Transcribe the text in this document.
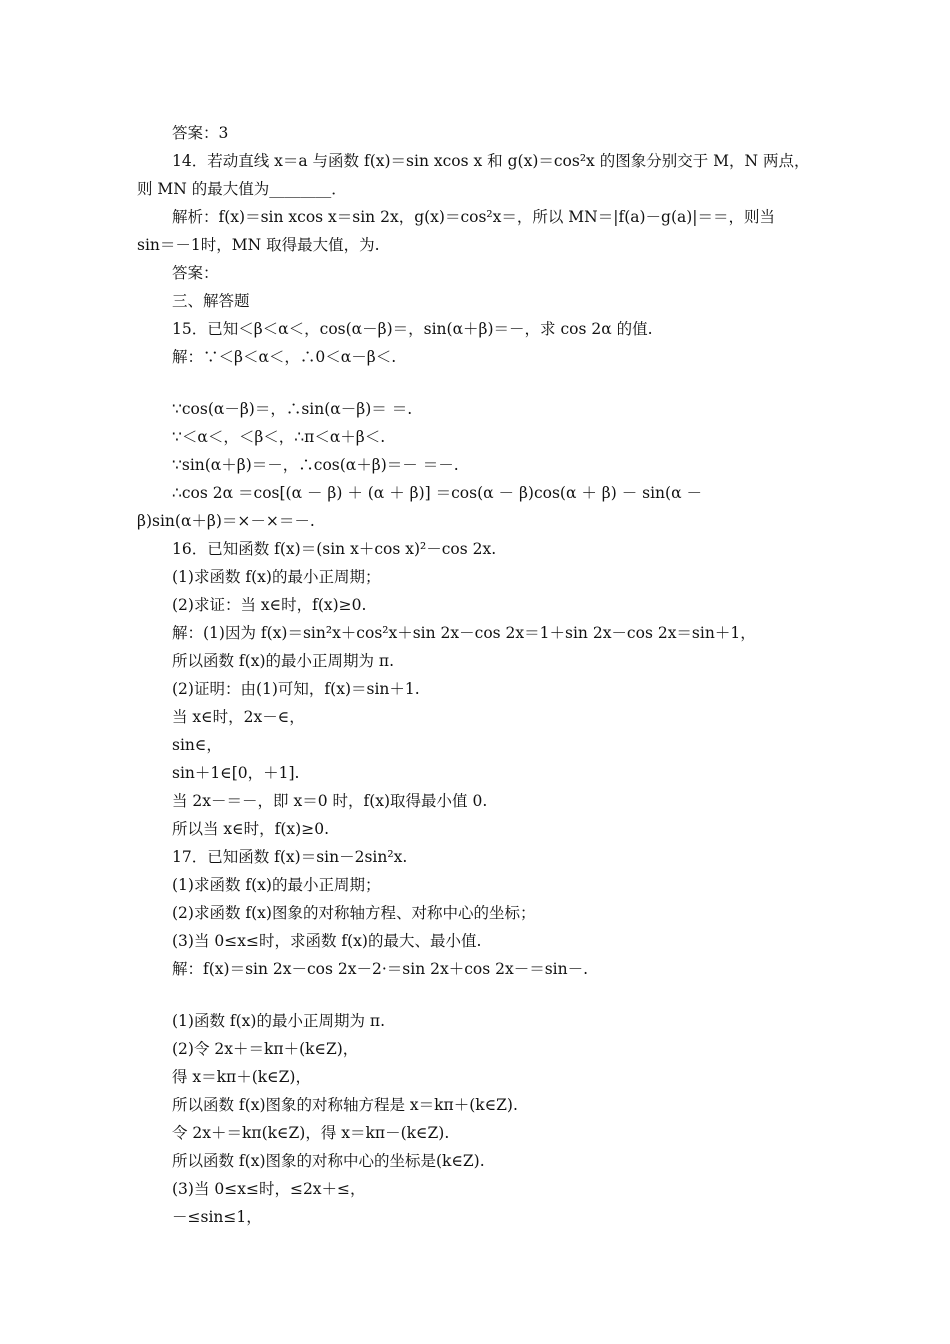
答案：3
14．若动直线 x＝a 与函数 f(x)＝sin xcos x 和 g(x)＝cos²x 的图象分别交于 M，N 两点，
则 MN 的最大值为________．
解析：f(x)＝sin xcos x＝sin 2x，g(x)＝cos²x＝，所以 MN＝|f(a)－g(a)|＝＝，则当
sin＝－1时，MN 取得最大值，为.
答案：
三、解答题
15．已知＜β＜α＜，cos(α－β)＝，sin(α＋β)＝－，求 cos 2α 的值.
解：∵＜β＜α＜，∴0＜α－β＜.
∵cos(α－β)＝，∴sin(α－β)＝ ＝.
∵＜α＜，＜β＜，∴π＜α＋β＜.
∵sin(α＋β)＝－，∴cos(α＋β)＝－ ＝－.
∴cos 2α ＝cos[(α － β) ＋ (α ＋ β)] ＝cos(α － β)cos(α ＋ β) － sin(α －
β)sin(α＋β)＝×－×＝－.
16．已知函数 f(x)＝(sin x＋cos x)²－cos 2x.
(1)求函数 f(x)的最小正周期；
(2)求证：当 x∈时，f(x)≥0.
解：(1)因为 f(x)＝sin²x＋cos²x＋sin 2x－cos 2x＝1＋sin 2x－cos 2x＝sin＋1，
所以函数 f(x)的最小正周期为 π.
(2)证明：由(1)可知，f(x)＝sin＋1.
当 x∈时，2x－∈，
sin∈，
sin＋1∈[0，＋1].
当 2x－＝－，即 x＝0 时，f(x)取得最小值 0.
所以当 x∈时，f(x)≥0.
17．已知函数 f(x)＝sin－2sin²x.
(1)求函数 f(x)的最小正周期；
(2)求函数 f(x)图象的对称轴方程、对称中心的坐标；
(3)当 0≤x≤时，求函数 f(x)的最大、最小值.
解：f(x)＝sin 2x－cos 2x－2·＝sin 2x＋cos 2x－＝sin－.
(1)函数 f(x)的最小正周期为 π.
(2)令 2x＋＝kπ＋(k∈Z)，
得 x＝kπ＋(k∈Z)，
所以函数 f(x)图象的对称轴方程是 x＝kπ＋(k∈Z).
令 2x＋＝kπ(k∈Z)，得 x＝kπ－(k∈Z).
所以函数 f(x)图象的对称中心的坐标是(k∈Z).
(3)当 0≤x≤时，≤2x＋≤，
－≤sin≤1，
